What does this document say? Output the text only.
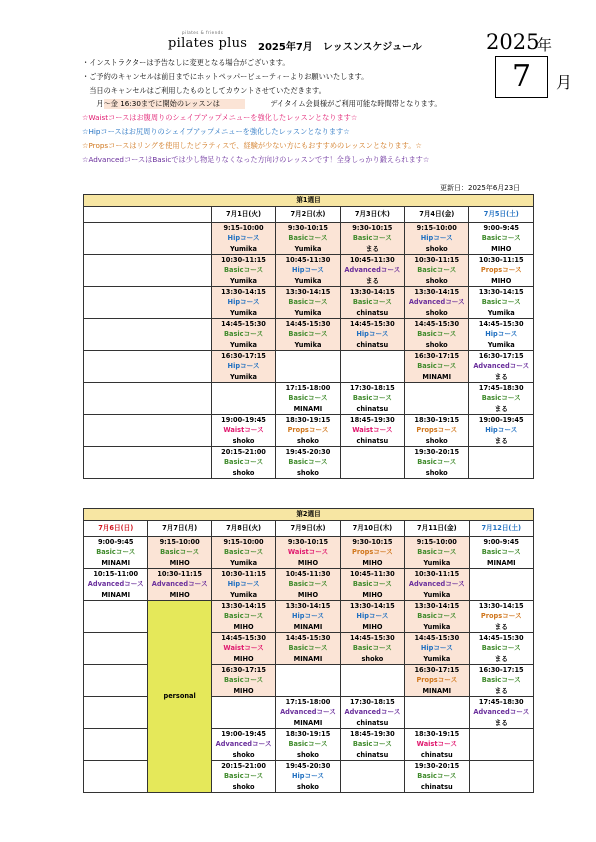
pilates & friends
pilates plus 2025年7月　レッスンスケジュール	2025
年
7	月
・インストラクターは予告なしに変更となる場合がございます。
・ご予約のキャンセルは前日までにホットペッパービューティーよりお願いいたします。
　当日のキャンセルはご利用したものとしてカウントさせていただきます。
　　月～金 16:30までに開始のレッスンは　　　　　　　デイタイム会員様がご利用可能な時間帯となります。
☆Waistコースはお腹周りのシェイプアップメニューを強化したレッスンとなります☆
☆Hipコースはお尻周りのシェイプアップメニューを強化したレッスンとなります☆
☆Propsコースはリングを使用したピラティスで、経験が少ない方にもおすすめのレッスンとなります。☆
☆AdvancedコースはBasicでは少し物足りなくなった方向けのレッスンです！全身しっかり鍛えられます☆
更新日：2025年6月23日
第1週目					
	7月1日(火)	7月2日(水)	7月3日(木)	7月4日(金)	7月5日(土)

	9:15-10:00
Hipコース
Yumika	9:30-10:15
Basicコース
Yumika	9:30-10:15
Basicコース
まる	9:15-10:00
Hipコース
shoko	9:00-9:45
Basicコース
MIHO

	10:30-11:15
Basicコース
Yumika	10:45-11:30
Hipコース
Yumika	10:45-11:30
Advancedコース
まる	10:30-11:15
Basicコース
shoko	10:30-11:15
Propsコース
MIHO

	13:30-14:15
Hipコース
Yumika	13:30-14:15
Basicコース
Yumika	13:30-14:15
Basicコース
chinatsu	13:30-14:15
Advancedコース
shoko	13:30-14:15
Basicコース
Yumika

	14:45-15:30
Basicコース
Yumika	14:45-15:30
Basicコース
Yumika	14:45-15:30
Hipコース
chinatsu	14:45-15:30
Basicコース
shoko	14:45-15:30
Hipコース
Yumika

	16:30-17:15
Hipコース
Yumika			16:30-17:15
Basicコース
MINAMI	16:30-17:15
Advancedコース
まる

		17:15-18:00
Basicコース
MINAMI	17:30-18:15
Basicコース
chinatsu		17:45-18:30
Basicコース
まる

	19:00-19:45
Waistコース
shoko	18:30-19:15
Propsコース
shoko	18:45-19:30
Waistコース
chinatsu	18:30-19:15
Propsコース
shoko	19:00-19:45
Hipコース
まる

	20:15-21:00
Basicコース
shoko	19:45-20:30
Basicコース
shoko		19:30-20:15
Basicコース
shoko	

第2週目						
7月6日(日)	7月7日(月)	7月8日(火)	7月9日(水)	7月10日(木)	7月11日(金)	7月12日(土)

9:00-9:45
Basicコース
MINAMI	9:15-10:00
Basicコース
MIHO	9:15-10:00
Basicコース
Yumika	9:30-10:15
Waistコース
MIHO	9:30-10:15
Propsコース
MIHO	9:15-10:00
Basicコース
Yumika	9:00-9:45
Basicコース
MINAMI

10:15-11:00
Advancedコース
MINAMI	10:30-11:15
Advancedコース
MIHO	10:30-11:15
Hipコース
Yumika	10:45-11:30
Basicコース
MIHO	10:45-11:30
Basicコース
MIHO	10:30-11:15
Advancedコース
Yumika	

	personal	13:30-14:15
Basicコース
MIHO	13:30-14:15
Hipコース
MINAMI	13:30-14:15
Hipコース
MIHO	13:30-14:15
Basicコース
Yumika	13:30-14:15
Propsコース
まる

		14:45-15:30
Waistコース
MIHO	14:45-15:30
Basicコース
MINAMI	14:45-15:30
Basicコース
shoko	14:45-15:30
Hipコース
Yumika	14:45-15:30
Basicコース
まる

		16:30-17:15
Basicコース
MIHO			16:30-17:15
Propsコース
MINAMI	16:30-17:15
Basicコース
まる

			17:15-18:00
Advancedコース
MINAMI	17:30-18:15
Advancedコース
chinatsu		17:45-18:30
Advancedコース
まる

		19:00-19:45
Advancedコース
shoko	18:30-19:15
Basicコース
shoko	18:45-19:30
Basicコース
chinatsu	18:30-19:15
Waistコース
chinatsu	

		20:15-21:00
Basicコース
shoko	19:45-20:30
Hipコース
shoko		19:30-20:15
Basicコース
chinatsu	
